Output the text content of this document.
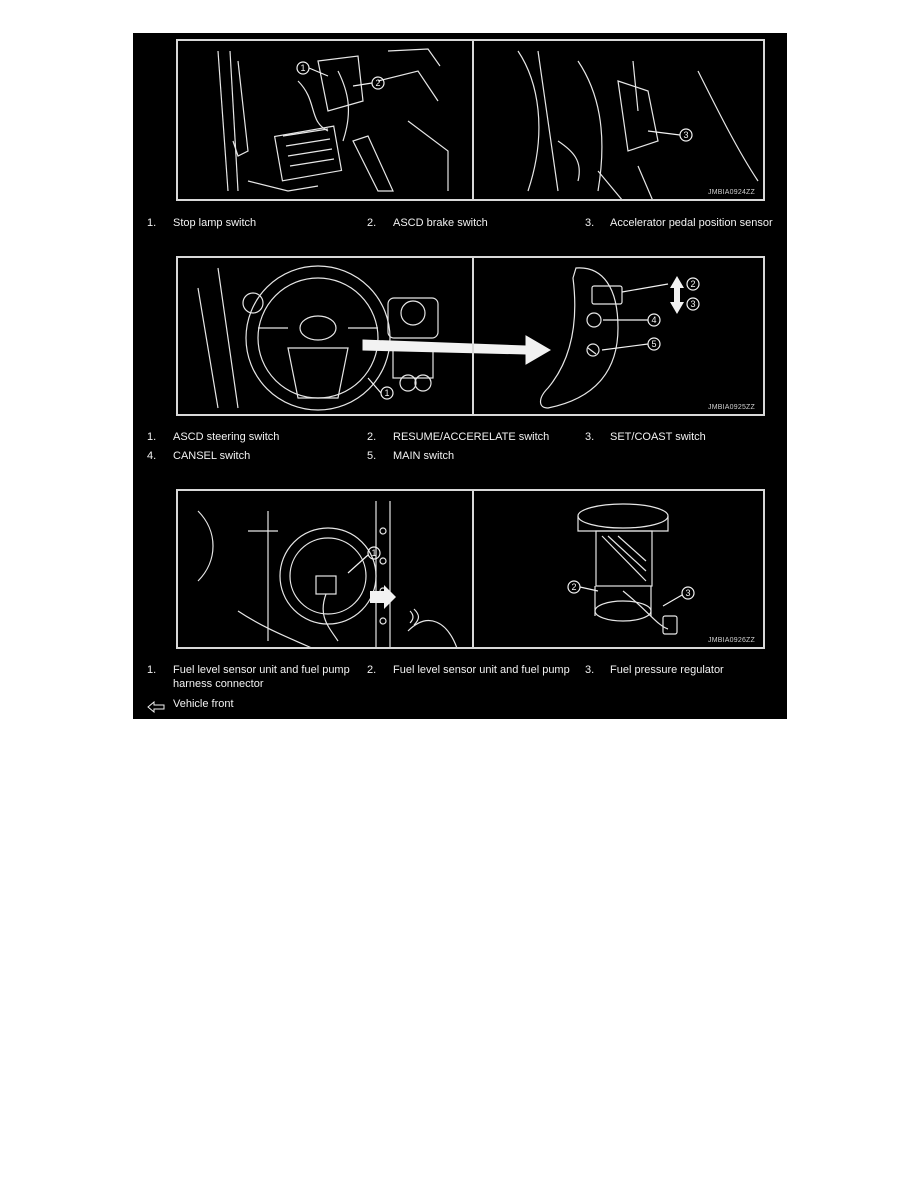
1
2
3
JMBIA0924ZZ
1. Stop lamp switch	2. ASCD brake switch	3. Accelerator pedal position sensor
1
2
3
4
5
JMBIA0925ZZ
1. ASCD steering switch	2. RESUME/ACCERELATE switch	3. SET/COAST switch
4. CANSEL switch	5. MAIN switch
1
2
3
JMBIA0926ZZ
1. Fuel level sensor unit and fuel pump
harness connector
2. Fuel level sensor unit and fuel pump 3. Fuel pressure regulator
Vehicle front
